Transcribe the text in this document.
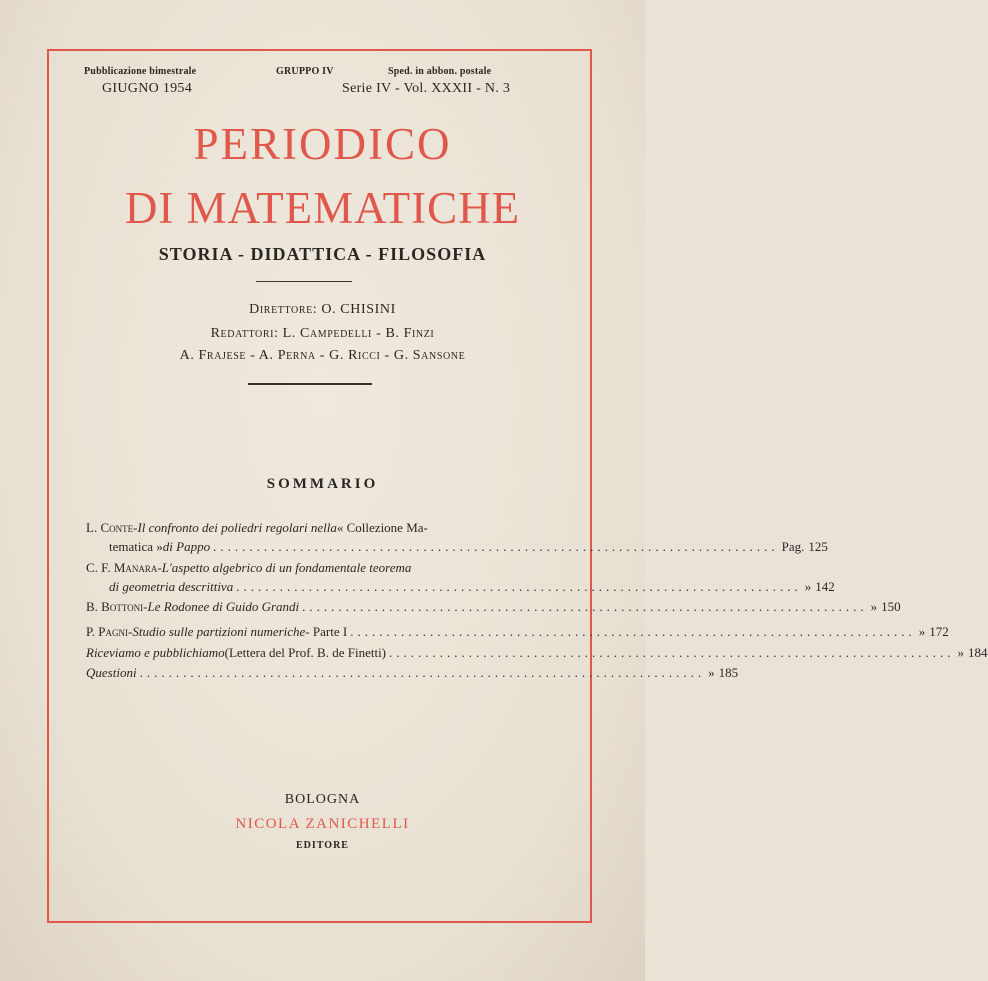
Pubblicazione bimestrale
GIUGNO 1954
GRUPPO IV
Serie IV - Vol. XXXII - N. 3
Sped. in abbon. postale
PERIODICO
DI MATEMATICHE
STORIA - DIDATTICA - FILOSOFIA
Direttore: O. CHISINI
Redattori: L. Campedelli - B. Finzi
A. Frajese - A. Perna - G. Ricci - G. Sansone
SOMMARIO
L. Conte - Il confronto dei poliedri regolari nella « Collezione Ma-
tematica » di Pappo .............................................................................. Pag. 125
C. F. Manara - L'aspetto algebrico di un fondamentale teorema
di geometria descrittiva .............................................................................. » 142
B. Bottoni - Le Rodonee di Guido Grandi .............................................................................. » 150
P. Pagni - Studio sulle partizioni numeriche - Parte I .............................................................................. » 172
Riceviamo e pubblichiamo (Lettera del Prof. B. de Finetti) .............................................................................. » 184
Questioni .............................................................................. » 185
BOLOGNA
NICOLA ZANICHELLI
EDITORE
